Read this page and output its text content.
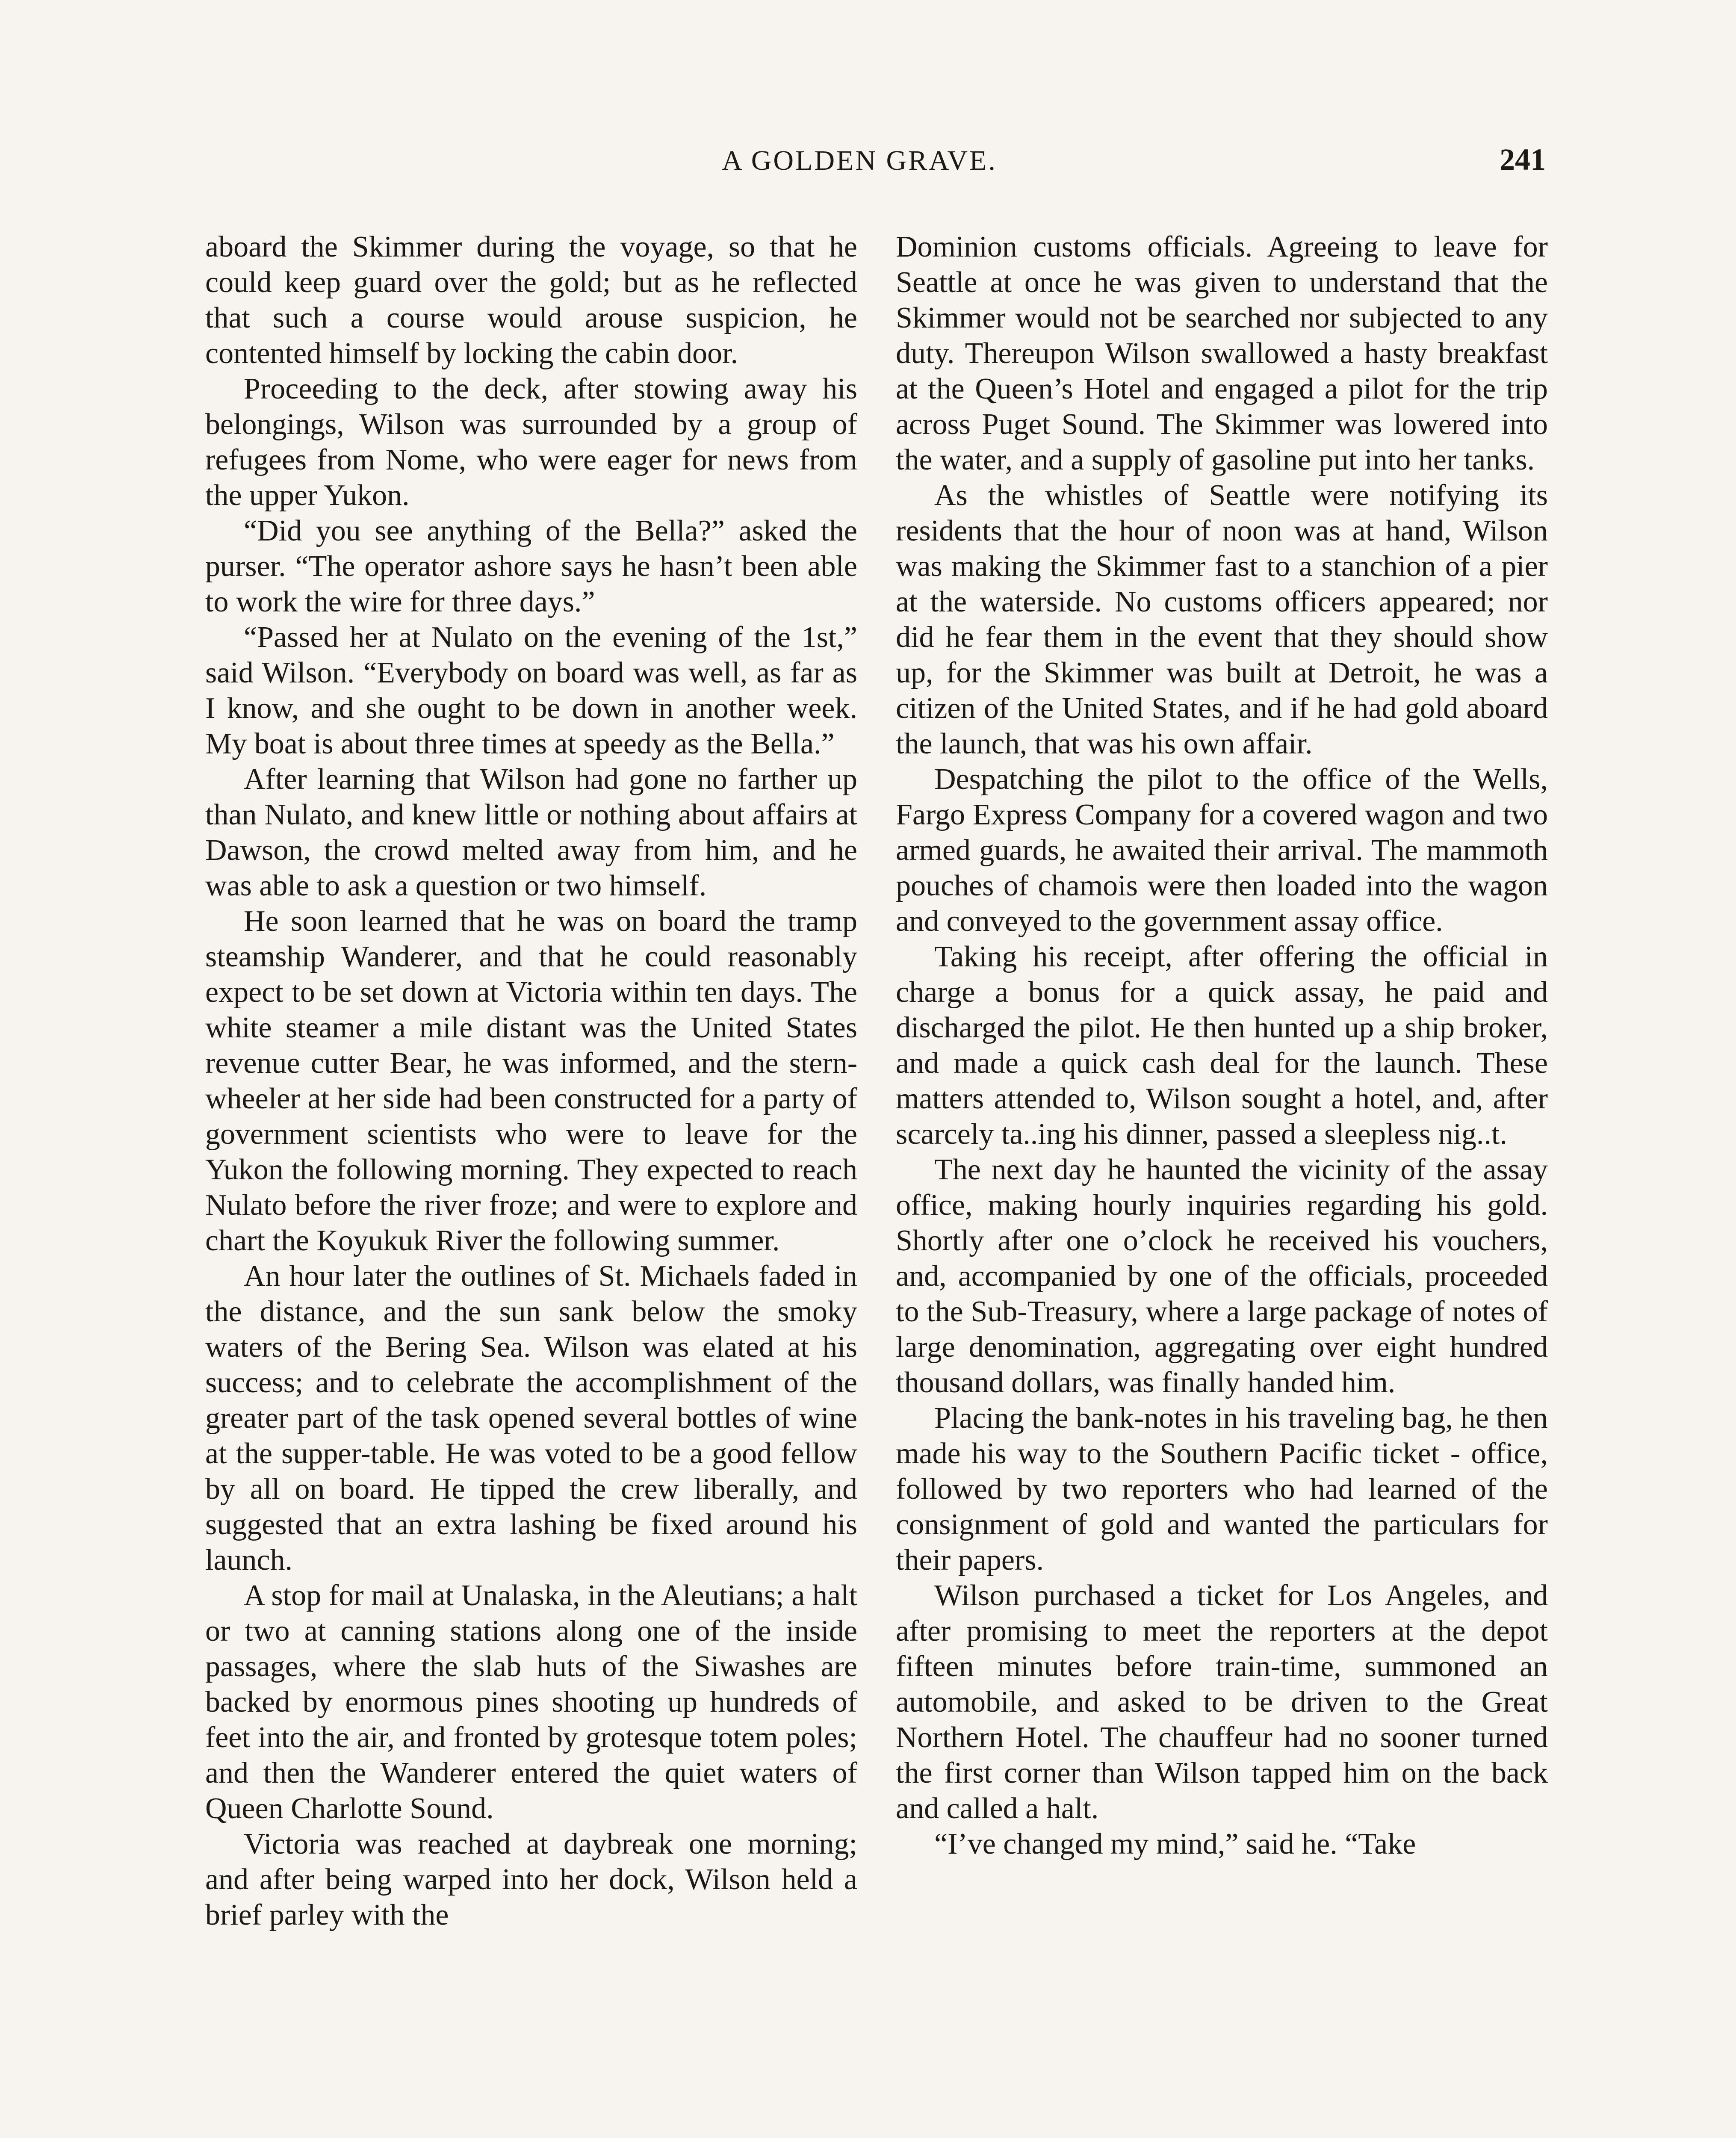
A GOLDEN GRAVE.	241

aboard the Skimmer during the voyage, so that he could keep guard over the gold; but as he reflected that such a course would arouse suspicion, he contented himself by locking the cabin door.

Proceeding to the deck, after stowing away his belongings, Wilson was surrounded by a group of refugees from Nome, who were eager for news from the upper Yukon.

“Did you see anything of the Bella?” asked the purser. “The operator ashore says he hasn’t been able to work the wire for three days.”

“Passed her at Nulato on the evening of the 1st,” said Wilson. “Everybody on board was well, as far as I know, and she ought to be down in another week. My boat is about three times at speedy as the Bella.”

After learning that Wilson had gone no farther up than Nulato, and knew little or nothing about affairs at Dawson, the crowd melted away from him, and he was able to ask a question or two himself.

He soon learned that he was on board the tramp steamship Wanderer, and that he could reasonably expect to be set down at Victoria within ten days. The white steamer a mile distant was the United States revenue cutter Bear, he was informed, and the stern-wheeler at her side had been constructed for a party of government scientists who were to leave for the Yukon the following morning. They expected to reach Nulato before the river froze; and were to explore and chart the Koyukuk River the following summer.

An hour later the outlines of St. Michaels faded in the distance, and the sun sank below the smoky waters of the Bering Sea. Wilson was elated at his success; and to celebrate the accomplishment of the greater part of the task opened several bottles of wine at the supper-table. He was voted to be a good fellow by all on board. He tipped the crew liberally, and suggested that an extra lashing be fixed around his launch.

A stop for mail at Unalaska, in the Aleutians; a halt or two at canning stations along one of the inside passages, where the slab huts of the Siwashes are backed by enormous pines shooting up hundreds of feet into the air, and fronted by grotesque totem poles; and then the Wanderer entered the quiet waters of Queen Charlotte Sound.

Victoria was reached at daybreak one morning; and after being warped into her dock, Wilson held a brief parley with the

Dominion customs officials. Agreeing to leave for Seattle at once he was given to understand that the Skimmer would not be searched nor subjected to any duty. Thereupon Wilson swallowed a hasty breakfast at the Queen’s Hotel and engaged a pilot for the trip across Puget Sound. The Skimmer was lowered into the water, and a supply of gasoline put into her tanks.

As the whistles of Seattle were notifying its residents that the hour of noon was at hand, Wilson was making the Skimmer fast to a stanchion of a pier at the waterside. No customs officers appeared; nor did he fear them in the event that they should show up, for the Skimmer was built at Detroit, he was a citizen of the United States, and if he had gold aboard the launch, that was his own affair.

Despatching the pilot to the office of the Wells, Fargo Express Company for a covered wagon and two armed guards, he awaited their arrival. The mammoth pouches of chamois were then loaded into the wagon and conveyed to the government assay office.

Taking his receipt, after offering the official in charge a bonus for a quick assay, he paid and discharged the pilot. He then hunted up a ship broker, and made a quick cash deal for the launch. These matters attended to, Wilson sought a hotel, and, after scarcely ta..ing his dinner, passed a sleepless nig..t.

The next day he haunted the vicinity of the assay office, making hourly inquiries regarding his gold. Shortly after one o’clock he received his vouchers, and, accompanied by one of the officials, proceeded to the Sub-Treasury, where a large package of notes of large denomination, aggregating over eight hundred thousand dollars, was finally handed him.

Placing the bank-notes in his traveling bag, he then made his way to the Southern Pacific ticket - office, followed by two reporters who had learned of the consignment of gold and wanted the particulars for their papers.

Wilson purchased a ticket for Los Angeles, and after promising to meet the reporters at the depot fifteen minutes before train-time, summoned an automobile, and asked to be driven to the Great Northern Hotel. The chauffeur had no sooner turned the first corner than Wilson tapped him on the back and called a halt.

“I’ve changed my mind,” said he. “Take
